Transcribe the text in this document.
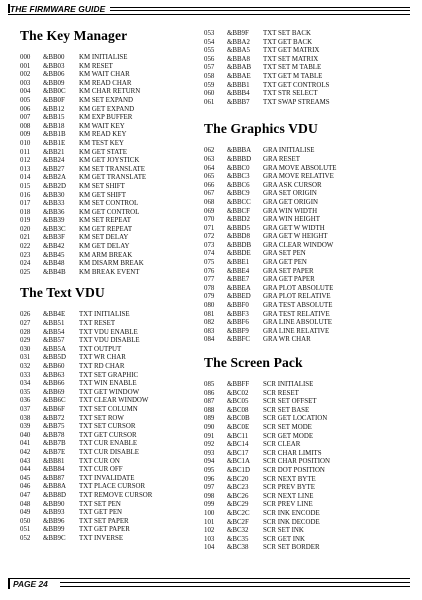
THE FIRMWARE GUIDE
The Key Manager
000	&BB00	KM INITIALISE
001	&BB03	KM RESET
002	&BB06	KM WAIT CHAR
003	&BB09	KM READ CHAR
004	&BB0C	KM CHAR RETURN
005	&BB0F	KM SET EXPAND
006	&BB12	KM GET EXPAND
007	&BB15	KM EXP BUFFER
008	&BB18	KM WAIT KEY
009	&BB1B	KM READ KEY
010	&BB1E	KM TEST KEY
011	&BB21	KM GET STATE
012	&BB24	KM GET JOYSTICK
013	&BB27	KM SET TRANSLATE
014	&BB2A	KM GET TRANSLATE
015	&BB2D	KM SET SHIFT
016	&BB30	KM GET SHIFT
017	&BB33	KM SET CONTROL
018	&BB36	KM GET CONTROL
019	&BB39	KM SET REPEAT
020	&BB3C	KM GET REPEAT
021	&BB3F	KM SET DELAY
022	&BB42	KM GET DELAY
023	&BB45	KM ARM BREAK
024	&BB48	KM DISARM BREAK
025	&BB4B	KM BREAK EVENT
The Text VDU
026	&BB4E	TXT INITIALISE
027	&BB51	TXT RESET
028	&BB54	TXT VDU ENABLE
029	&BB57	TXT VDU DISABLE
030	&BB5A	TXT OUTPUT
031	&BB5D	TXT WR CHAR
032	&BB60	TXT RD CHAR
033	&BB63	TXT SET GRAPHIC
034	&BB66	TXT WIN ENABLE
035	&BB69	TXT GET WINDOW
036	&BB6C	TXT CLEAR WINDOW
037	&BB6F	TXT SET COLUMN
038	&BB72	TXT SET ROW
039	&BB75	TXT SET CURSOR
040	&BB78	TXT GET CURSOR
041	&BB7B	TXT CUR ENABLE
042	&BB7E	TXT CUR DISABLE
043	&BB81	TXT CUR ON
044	&BB84	TXT CUR OFF
045	&BB87	TXT INVALIDATE
046	&BB8A	TXT PLACE CURSOR
047	&BB8D	TXT REMOVE CURSOR
048	&BB90	TXT SET PEN
049	&BB93	TXT GET PEN
050	&BB96	TXT SET PAPER
051	&BB99	TXT GET PAPER
052	&BB9C	TXT INVERSE
053	&BB9F	TXT SET BACK
054	&BBA2	TXT GET BACK
055	&BBA5	TXT GET MATRIX
056	&BBA8	TXT SET MATRIX
057	&BBAB	TXT SET M TABLE
058	&BBAE	TXT GET M TABLE
059	&BBB1	TXT GET CONTROLS
060	&BBB4	TXT STR SELECT
061	&BBB7	TXT SWAP STREAMS
The Graphics VDU
062	&BBBA	GRA INITIALISE
063	&BBBD	GRA RESET
064	&BBC0	GRA MOVE ABSOLUTE
065	&BBC3	GRA MOVE RELATIVE
066	&BBC6	GRA ASK CURSOR
067	&BBC9	GRA SET ORIGIN
068	&BBCC	GRA GET ORIGIN
069	&BBCF	GRA WIN WIDTH
070	&BBD2	GRA WIN HEIGHT
071	&BBD5	GRA GET W WIDTH
072	&BBD8	GRA GET W HEIGHT
073	&BBDB	GRA CLEAR WINDOW
074	&BBDE	GRA SET PEN
075	&BBE1	GRA GET PEN
076	&BBE4	GRA SET PAPER
077	&BBE7	GRA GET PAPER
078	&BBEA	GRA PLOT ABSOLUTE
079	&BBED	GRA PLOT RELATIVE
080	&BBF0	GRA TEST ABSOLUTE
081	&BBF3	GRA TEST RELATIVE
082	&BBF6	GRA LINE ABSOLUTE
083	&BBF9	GRA LINE RELATIVE
084	&BBFC	GRA WR CHAR
The Screen Pack
085	&BBFF	SCR INITIALISE
086	&BC02	SCR RESET
087	&BC05	SCR SET OFFSET
088	&BC08	SCR SET BASE
089	&BC0B	SCR GET LOCATION
090	&BC0E	SCR SET MODE
091	&BC11	SCR GET MODE
092	&BC14	SCR CLEAR
093	&BC17	SCR CHAR LIMITS
094	&BC1A	SCR CHAR POSITION
095	&BC1D	SCR DOT POSITION
096	&BC20	SCR NEXT BYTE
097	&BC23	SCR PREV BYTE
098	&BC26	SCR NEXT LINE
099	&BC29	SCR PREV LINE
100	&BC2C	SCR INK ENCODE
101	&BC2F	SCR INK DECODE
102	&BC32	SCR SET INK
103	&BC35	SCR GET INK
104	&BC38	SCR SET BORDER
PAGE 24
